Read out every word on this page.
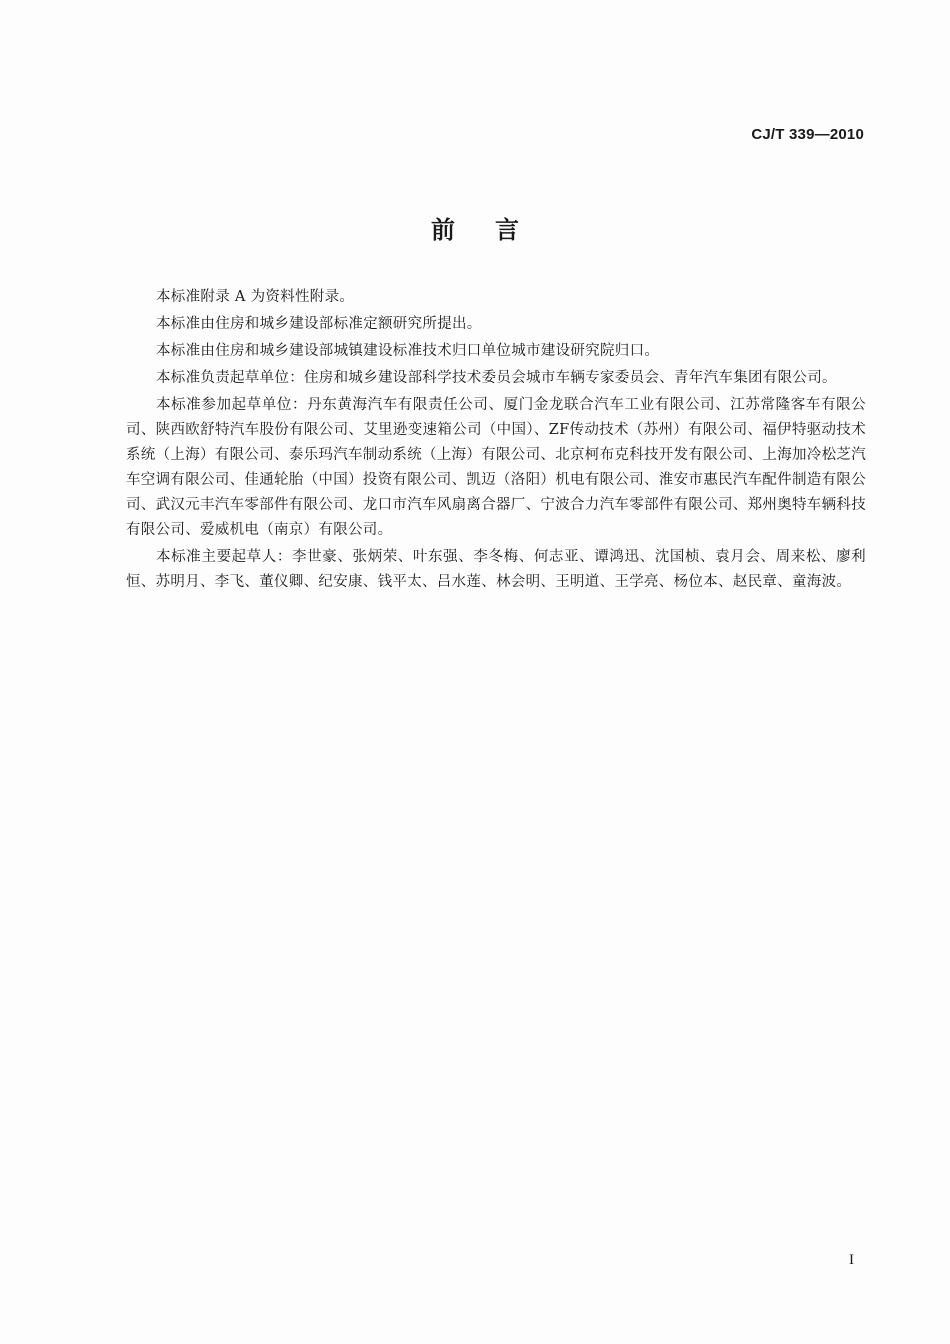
CJ/T 339—2010
前言

本标准附录 A 为资料性附录。

本标准由住房和城乡建设部标准定额研究所提出。

本标准由住房和城乡建设部城镇建设标准技术归口单位城市建设研究院归口。

本标准负责起草单位：住房和城乡建设部科学技术委员会城市车辆专家委员会、青年汽车集团有限公司。

本标准参加起草单位：丹东黄海汽车有限责任公司、厦门金龙联合汽车工业有限公司、江苏常隆客车有限公司、陕西欧舒特汽车股份有限公司、艾里逊变速箱公司（中国）、ZF传动技术（苏州）有限公司、福伊特驱动技术系统（上海）有限公司、泰乐玛汽车制动系统（上海）有限公司、北京柯布克科技开发有限公司、上海加冷松芝汽车空调有限公司、佳通轮胎（中国）投资有限公司、凯迈（洛阳）机电有限公司、淮安市惠民汽车配件制造有限公司、武汉元丰汽车零部件有限公司、龙口市汽车风扇离合器厂、宁波合力汽车零部件有限公司、郑州奥特车辆科技有限公司、爱威机电（南京）有限公司。

本标准主要起草人：李世豪、张炳荣、叶东强、李冬梅、何志亚、谭鸿迅、沈国桢、袁月会、周来松、廖利恒、苏明月、李飞、董仪卿、纪安康、钱平太、吕水莲、林会明、王明道、王学亮、杨位本、赵民章、童海波。

I
